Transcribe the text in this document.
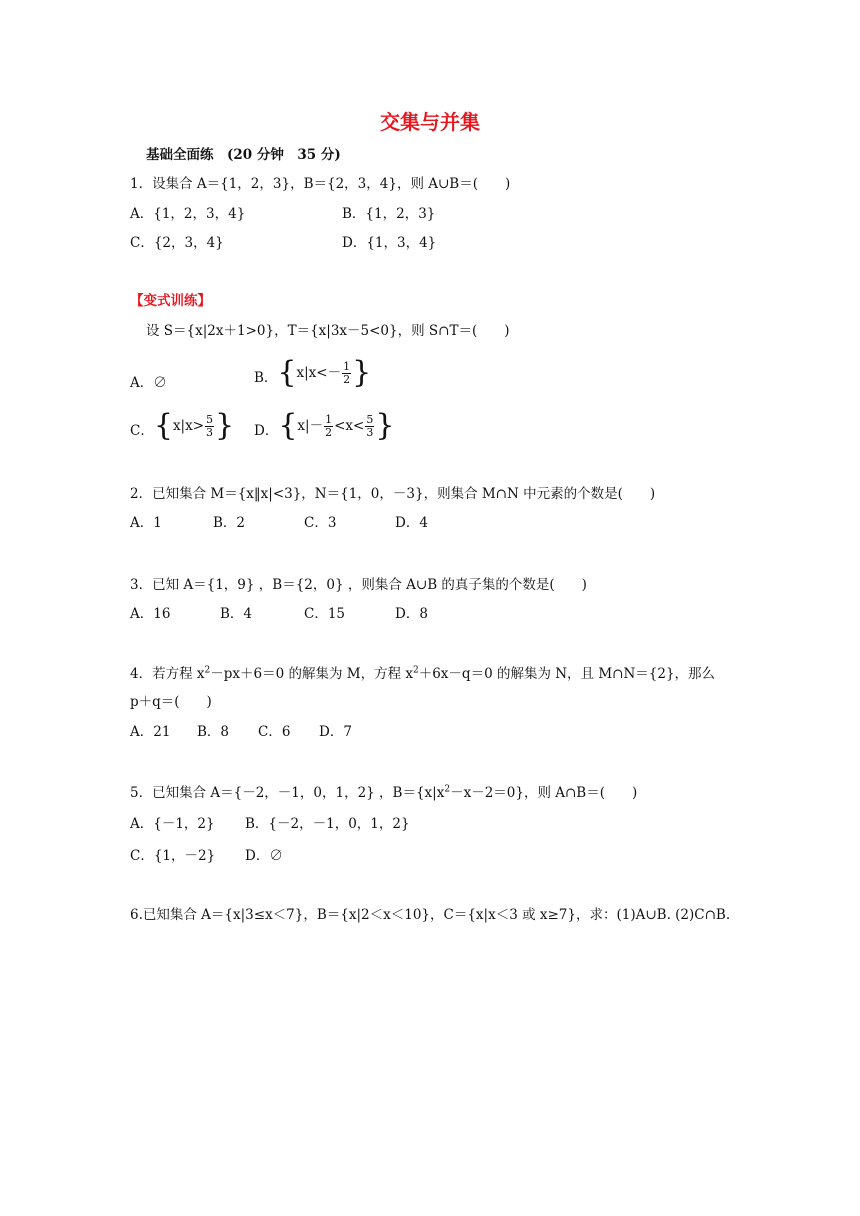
交集与并集
基础全面练　(20 分钟　35 分)
1．设集合 A＝{1，2，3}，B＝{2，3，4}，则 A∪B＝(　　)
A．{1，2，3，4}	B．{1，2，3}
C．{2，3，4}	D．{1，3，4}
【变式训练】
设 S＝{x|2x＋1>0}，T＝{x|3x－5<0}，则 S∩T＝(　　)
A．∅	B． { $x|x<- \frac{1}{2}$ }
C． { $x|x> \frac{5}{3}$ } D． { $x|- \frac{1}{2} <x< \frac{5}{3}$ }
2．已知集合 M＝{x‖x|<3}，N＝{1，0，－3}，则集合 M∩N 中元素的个数是(　　)
A．1	B．2	C．3	D．4
3．已知 A＝{1，9} ，B＝{2，0} ，则集合 A∪B 的真子集的个数是(　　)
A．16	B．4	C．15	D．8
4．若方程 $x^2-px+6=0$ 的解集为 M，方程 $x^2+6x-q=0$ 的解集为 N，且 M∩N＝{2}，那么
p＋q＝(　　)
A．21 B．8 C．6 D．7
5．已知集合 A＝{－2，－1，0，1，2} ，$B=\{x|x^2-x-2=0\}$，则 A∩B＝(　　)
A．{－1，2} B．{－2，－1，0，1，2}
C．{1，－2} D．∅
6.已知集合 A＝{x|3≤x＜7}，B＝{x|2＜x＜10}，C＝{x|x＜3 或 x≥7}，求：(1)A∪B. (2)C∩B.
